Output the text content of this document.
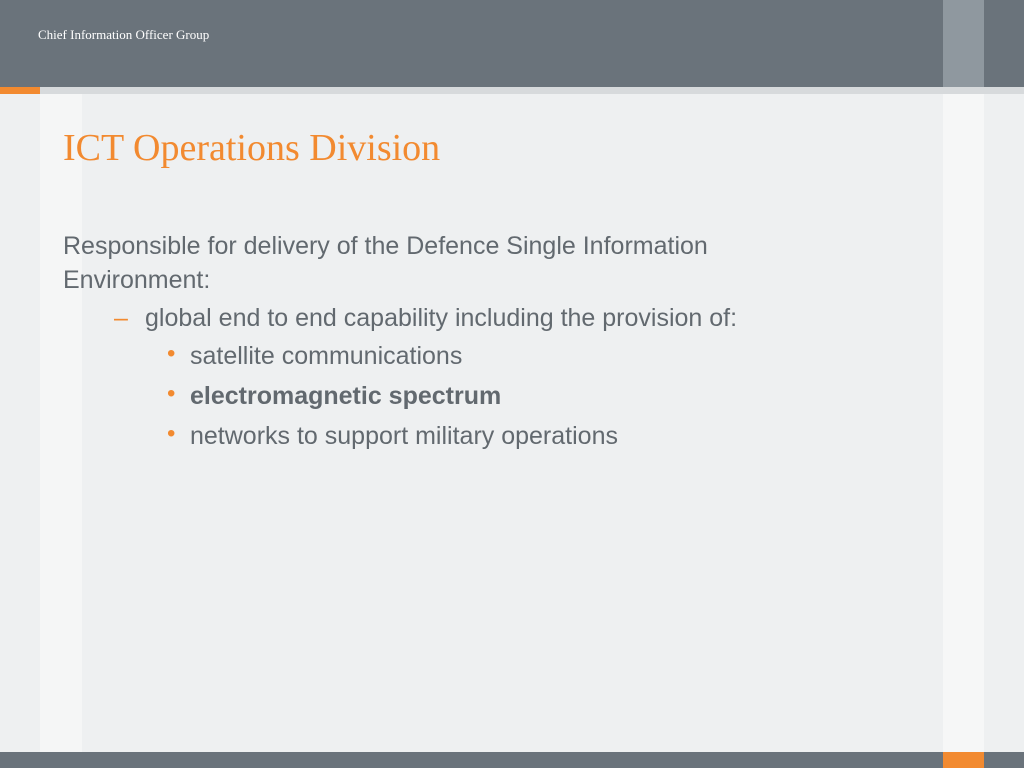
Chief Information Officer Group
ICT Operations Division
Responsible for delivery of the Defence Single Information Environment:
– global end to end capability including the provision of:
• satellite communications
• electromagnetic spectrum
• networks to support military operations
